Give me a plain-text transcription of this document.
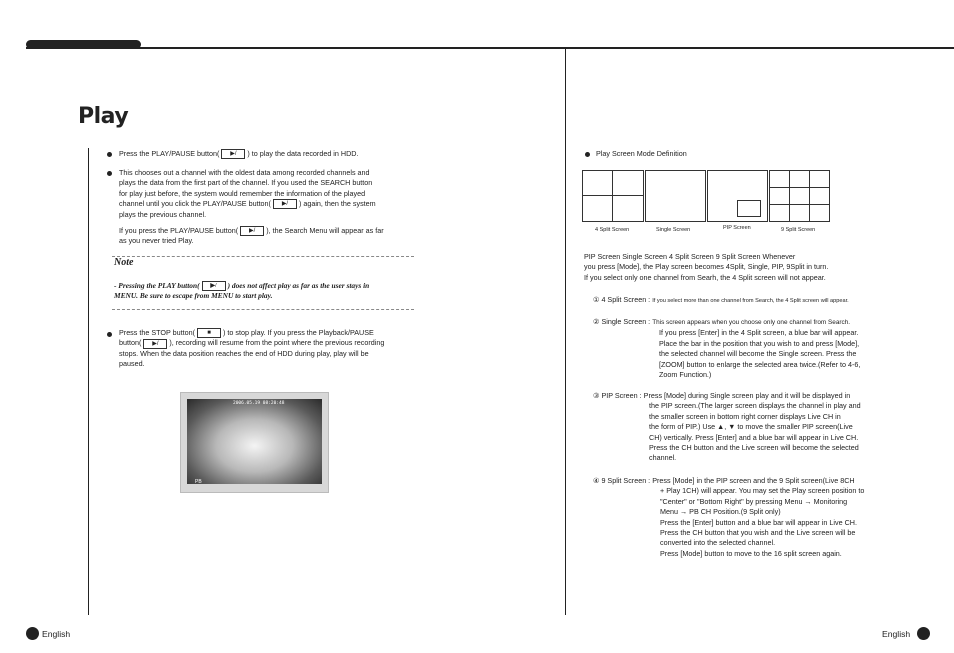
Play
Press the PLAY/PAUSE button( ▶/ ) to play the data recorded in HDD.
This chooses out a channel with the oldest data among recorded channels and
plays the data from the first part of the channel. If you used the SEARCH button
for play just before, the system would remember the information of the played
channel until you click the PLAY/PAUSE button( ▶/ ) again, then the system
plays the previous channel.
If you press the PLAY/PAUSE button( ▶/ ), the Search Menu will appear as far
as you never tried Play.
Note
- Pressing the PLAY button( ▶/ ) does not affect play as far as the user stays in
MENU. Be sure to escape from MENU to start play.
Press the STOP button( ■ ) to stop play. If you press the Playback/PAUSE
button( ▶/ ), recording will resume from the point where the previous recording
stops. When the data position reaches the end of HDD during play, play will be
paused.
2006.05.19 08:20:48
PB
Play Screen Mode Definition
4 Split Screen	Single Screen	PIP Screen	9 Split Screen
PIP Screen Single Screen 4 Split Screen 9 Split Screen Whenever
you press [Mode], the Play screen becomes 4Split, Single, PIP, 9Split in turn.
If you select only one channel from Searh, the 4 Split screen will not appear.
① 4 Split Screen : If you select more than one channel from Search, the 4 Split screen will appear.
② Single Screen : This screen appears when you choose only one channel from Search.
If you press [Enter] in the 4 Split screen, a blue bar will appear.
Place the bar in the position that you wish to and press [Mode],
the selected channel will become the Single screen. Press the
[ZOOM] button to enlarge the selected area twice.(Refer to 4-6,
Zoom Function.)
③ PIP Screen : Press [Mode] during Single screen play and it will be displayed in
the PIP screen.(The larger screen displays the channel in play and
the smaller screen in bottom right corner displays Live CH in
the form of PIP.) Use ▲, ▼ to move the smaller PIP screen(Live
CH) vertically. Press [Enter] and a blue bar will appear in Live CH.
Press the CH button and the Live screen will become the selected
channel.
④ 9 Split Screen : Press [Mode] in the PIP screen and the 9 Split screen(Live 8CH
+ Play 1CH) will appear. You may set the Play screen position to
"Center" or "Bottom Right" by pressing Menu → Monitoring
Menu → PB CH Position.(9 Split only)
Press the [Enter] button and a blue bar will appear in Live CH.
Press the CH button that you wish and the Live screen will be
converted into the selected channel.
Press [Mode] button to move to the 16 split screen again.
English	English
